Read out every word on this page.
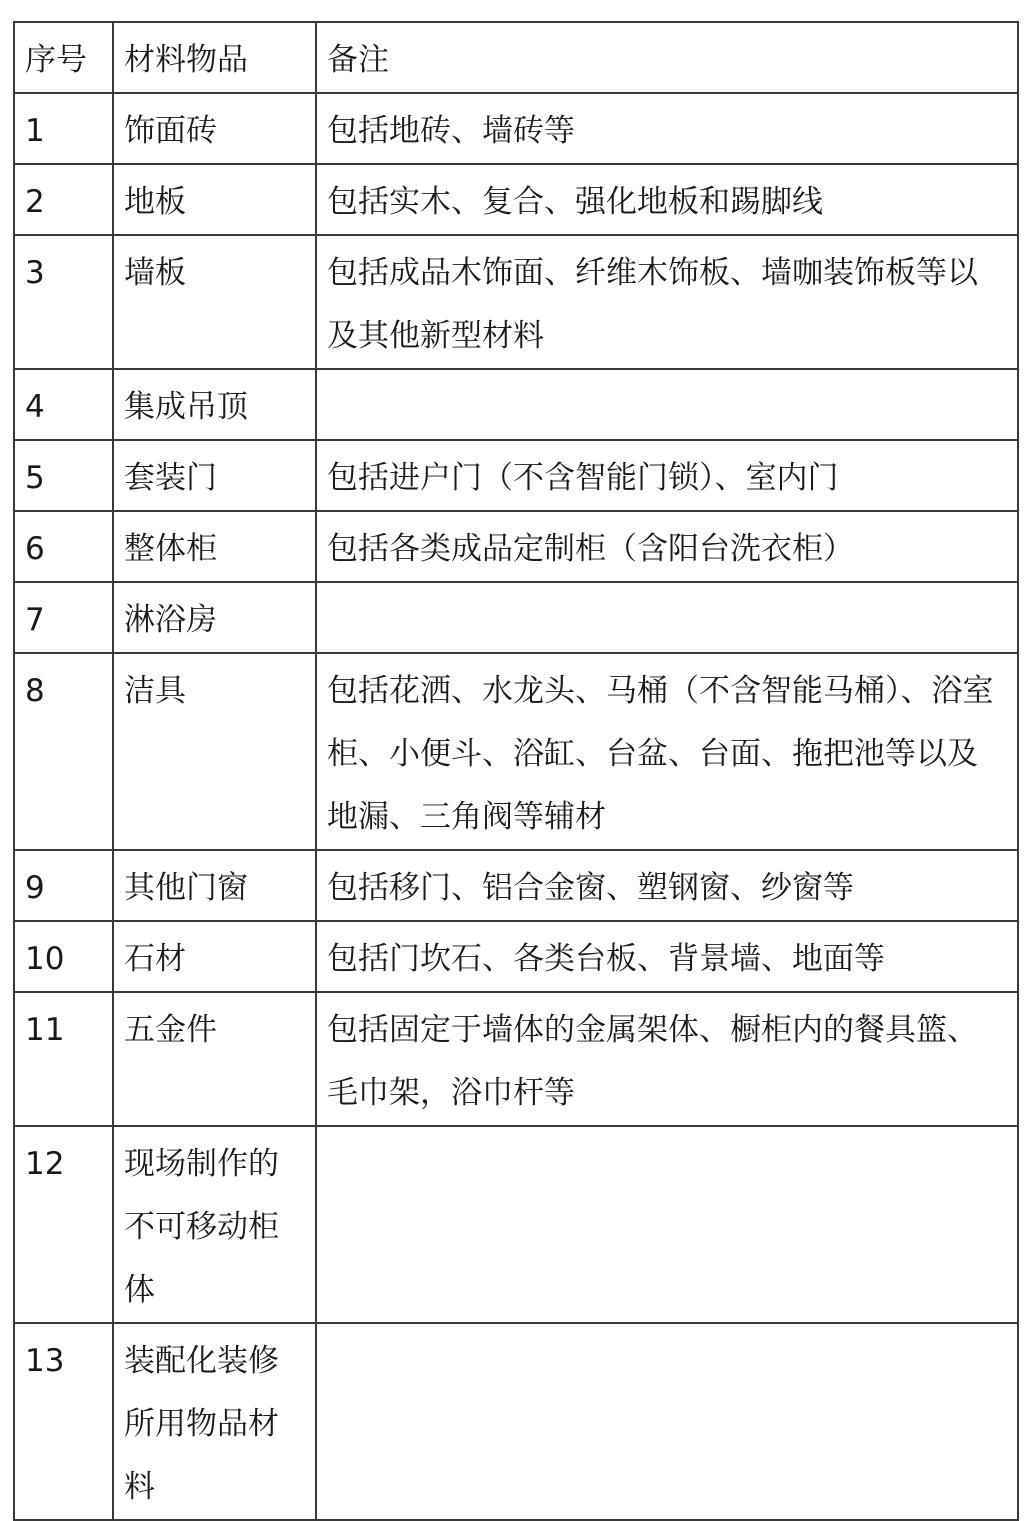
序号	材料物品	备注
1	饰面砖	包括地砖、墙砖等
2	地板	包括实木、复合、强化地板和踢脚线
3	墙板	包括成品木饰面、纤维木饰板、墙咖装饰板等以及其他新型材料
4	集成吊顶	
5	套装门	包括进户门（不含智能门锁）、室内门
6	整体柜	包括各类成品定制柜（含阳台洗衣柜）
7	淋浴房	
8	洁具	包括花洒、水龙头、马桶（不含智能马桶）、浴室柜、小便斗、浴缸、台盆、台面、拖把池等以及地漏、三角阀等辅材
9	其他门窗	包括移门、铝合金窗、塑钢窗、纱窗等
10	石材	包括门坎石、各类台板、背景墙、地面等
11	五金件	包括固定于墙体的金属架体、橱柜内的餐具篮、毛巾架，浴巾杆等
12	现场制作的不可移动柜体	
13	装配化装修所用物品材料	
